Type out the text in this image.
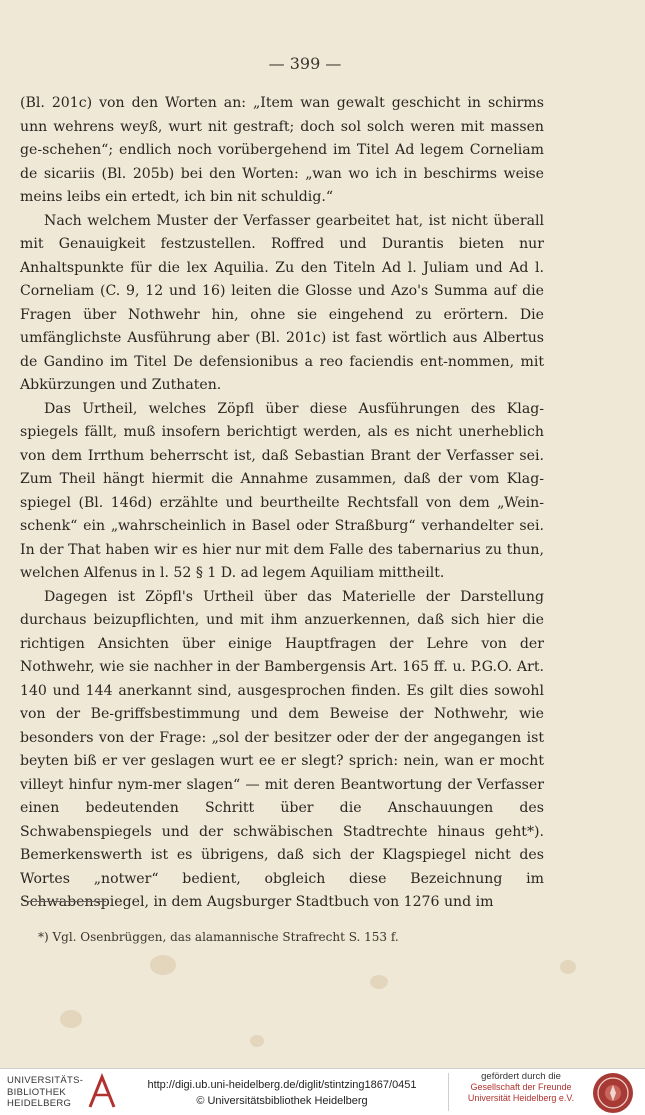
— 399 —

(Bl. 201c) von den Worten an: „Item wan gewalt geschicht in schirms unn wehrens weyß, wurt nit gestraft; doch sol solch weren mit massen ge-schehen“; endlich noch vorübergehend im Titel Ad legem Corneliam de sicariis (Bl. 205b) bei den Worten: „wan wo ich in beschirms weise meins leibs ein ertedt, ich bin nit schuldig.“

Nach welchem Muster der Verfasser gearbeitet hat, ist nicht überall mit Genauigkeit festzustellen. Roffred und Durantis bieten nur Anhaltspunkte für die lex Aquilia. Zu den Titeln Ad l. Juliam und Ad l. Corneliam (C. 9, 12 und 16) leiten die Glosse und Azo's Summa auf die Fragen über Nothwehr hin, ohne sie eingehend zu erörtern. Die umfänglichste Ausführung aber (Bl. 201c) ist fast wörtlich aus Albertus de Gandino im Titel De defensionibus a reo faciendis ent-nommen, mit Abkürzungen und Zuthaten.

Das Urtheil, welches Zöpfl über diese Ausführungen des Klag-spiegels fällt, muß insofern berichtigt werden, als es nicht unerheblich von dem Irrthum beherrscht ist, daß Sebastian Brant der Verfasser sei. Zum Theil hängt hiermit die Annahme zusammen, daß der vom Klag-spiegel (Bl. 146d) erzählte und beurtheilte Rechtsfall von dem „Wein-schenk“ ein „wahrscheinlich in Basel oder Straßburg“ verhandelter sei. In der That haben wir es hier nur mit dem Falle des tabernarius zu thun, welchen Alfenus in l. 52 § 1 D. ad legem Aquiliam mittheilt.

Dagegen ist Zöpfl's Urtheil über das Materielle der Darstellung durchaus beizupflichten, und mit ihm anzuerkennen, daß sich hier die richtigen Ansichten über einige Hauptfragen der Lehre von der Nothwehr, wie sie nachher in der Bambergensis Art. 165 ff. u. P.G.O. Art. 140 und 144 anerkannt sind, ausgesprochen finden. Es gilt dies sowohl von der Be-griffsbestimmung und dem Beweise der Nothwehr, wie besonders von der Frage: „sol der besitzer oder der der angegangen ist beyten biß er ver geslagen wurt ee er slegt? sprich: nein, wan er mocht villeyt hinfur nym-mer slagen“ — mit deren Beantwortung der Verfasser einen bedeutenden Schritt über die Anschauungen des Schwabenspiegels und der schwäbischen Stadtrechte hinaus geht*). Bemerkenswerth ist es übrigens, daß sich der Klagspiegel nicht des Wortes „notwer“ bedient, obgleich diese Bezeichnung im Schwabenspiegel, in dem Augsburger Stadtbuch von 1276 und im

*) Vgl. Osenbrüggen, das alamannische Strafrecht S. 153 f.
UNIVERSITÄTS-
BIBLIOTHEK
HEIDELBERG
http://digi.ub.uni-heidelberg.de/diglit/stintzing1867/0451
© Universitätsbibliothek Heidelberg
gefördert durch die
Gesellschaft der Freunde
Universität Heidelberg e.V.
